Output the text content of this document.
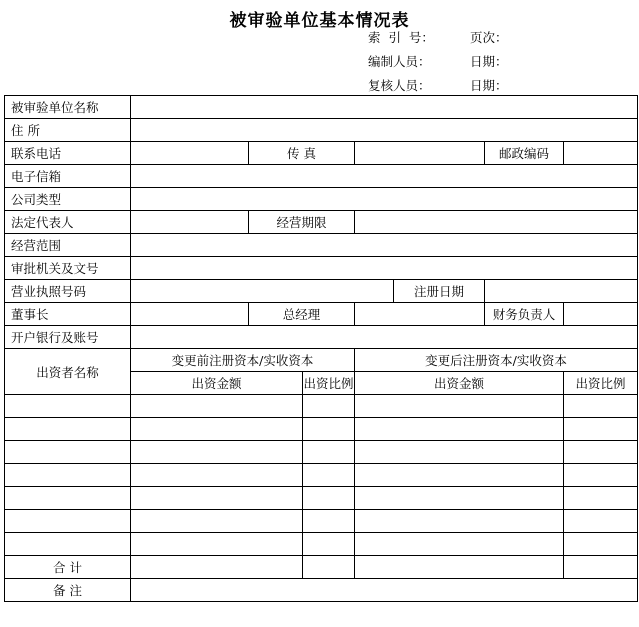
被审验单位基本情况表
索  引  号：	页次：
编制人员：	日期：
复核人员：	日期：
被审验单位名称							
住 所							
联系电话		传 真				邮政编码	
电子信箱							
公司类型							
法定代表人		经营期限					
经营范围							
审批机关及文号							
营业执照号码					注册日期		
董事长		总经理				财务负责人	
开户银行及账号							
出资者名称	变更前注册资本/实收资本			变更后注册资本/实收资本			
	出资金额		出资比例	出资金额			出资比例

合 计							
备 注							
